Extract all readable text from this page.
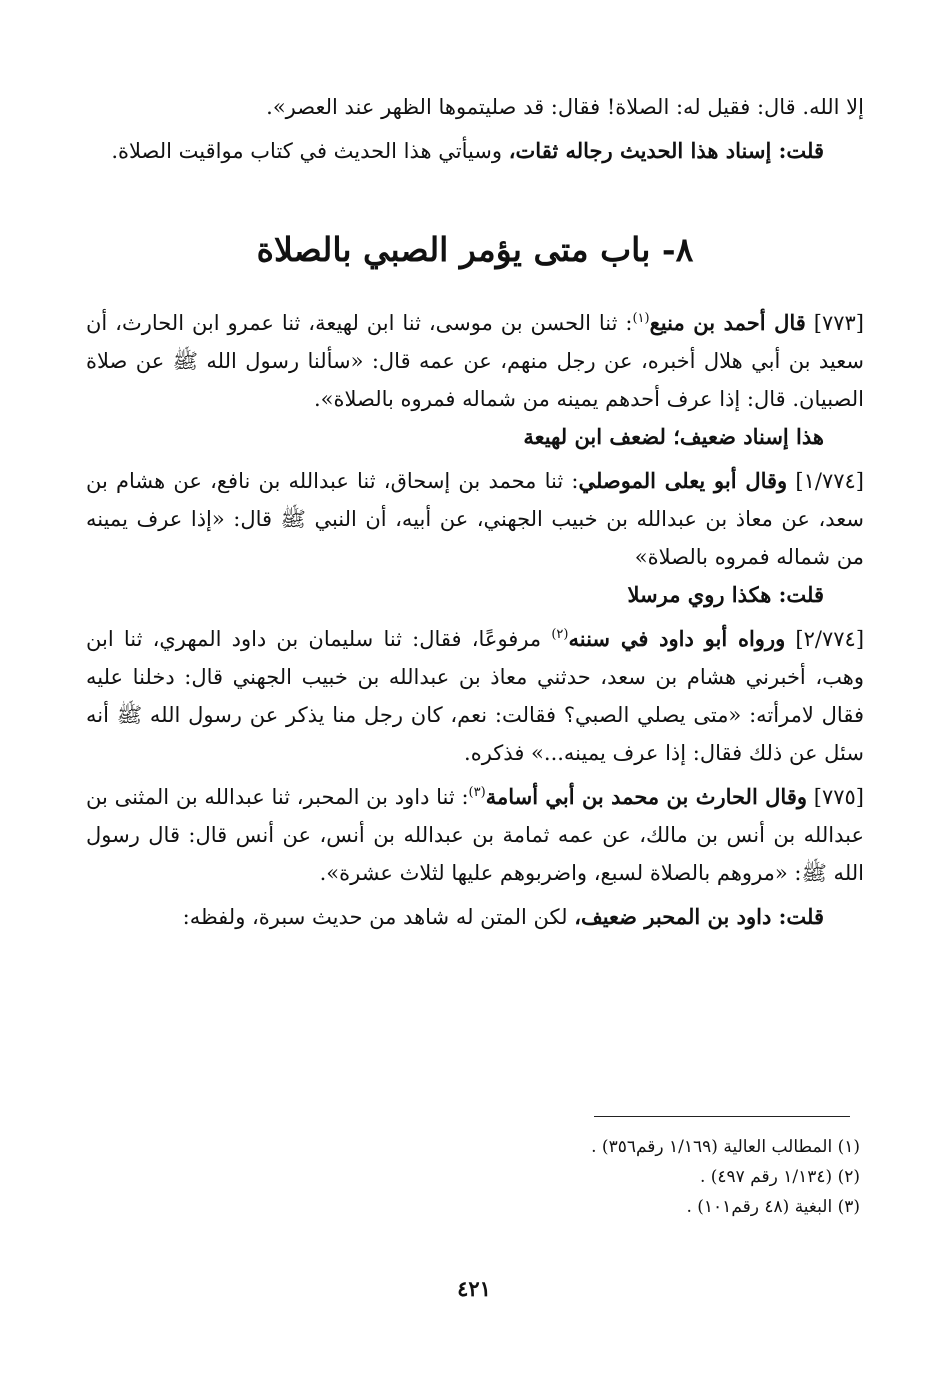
إلا الله. قال: فقيل له: الصلاة! فقال: قد صليتموها الظهر عند العصر».

قلت: إسناد هذا الحديث رجاله ثقات، وسيأتي هذا الحديث في كتاب مواقيت الصلاة.

٨- باب متى يؤمر الصبي بالصلاة

[٧٧٣] قال أحمد بن منيع$^{(١)}$: ثنا الحسن بن موسى، ثنا ابن لهيعة، ثنا عمرو ابن الحارث، أن سعيد بن أبي هلال أخبره، عن رجل منهم، عن عمه قال: «سألنا رسول الله ﷺ عن صلاة الصبيان. قال: إذا عرف أحدهم يمينه من شماله فمروه بالصلاة».

هذا إسناد ضعيف؛ لضعف ابن لهيعة

[١/٧٧٤] وقال أبو يعلى الموصلي: ثنا محمد بن إسحاق، ثنا عبدالله بن نافع، عن هشام بن سعد، عن معاذ بن عبدالله بن خبيب الجهني، عن أبيه، أن النبي ﷺ قال: «إذا عرف يمينه من شماله فمروه بالصلاة»

قلت: هكذا روي مرسلا

[٢/٧٧٤] ورواه أبو داود في سننه$^{(٢)}$ مرفوعًا، فقال: ثنا سليمان بن داود المهري، ثنا ابن وهب، أخبرني هشام بن سعد، حدثني معاذ بن عبدالله بن خبيب الجهني قال: دخلنا عليه فقال لامرأته: «متى يصلي الصبي؟ فقالت: نعم، كان رجل منا يذكر عن رسول الله ﷺ أنه سئل عن ذلك فقال: إذا عرف يمينه...» فذكره.

[٧٧٥] وقال الحارث بن محمد بن أبي أسامة$^{(٣)}$: ثنا داود بن المحبر، ثنا عبدالله بن المثنى بن عبدالله بن أنس بن مالك، عن عمه ثمامة بن عبدالله بن أنس، عن أنس قال: قال رسول الله ﷺ: «مروهم بالصلاة لسبع، واضربوهم عليها لثلاث عشرة».

قلت: داود بن المحبر ضعيف، لكن المتن له شاهد من حديث سبرة، ولفظه:

(١) المطالب العالية (١/١٦٩ رقم٣٥٦) .
(٢) (١/١٣٤ رقم ٤٩٧) .
(٣) البغية (٤٨ رقم١٠١) .
٤٢١
